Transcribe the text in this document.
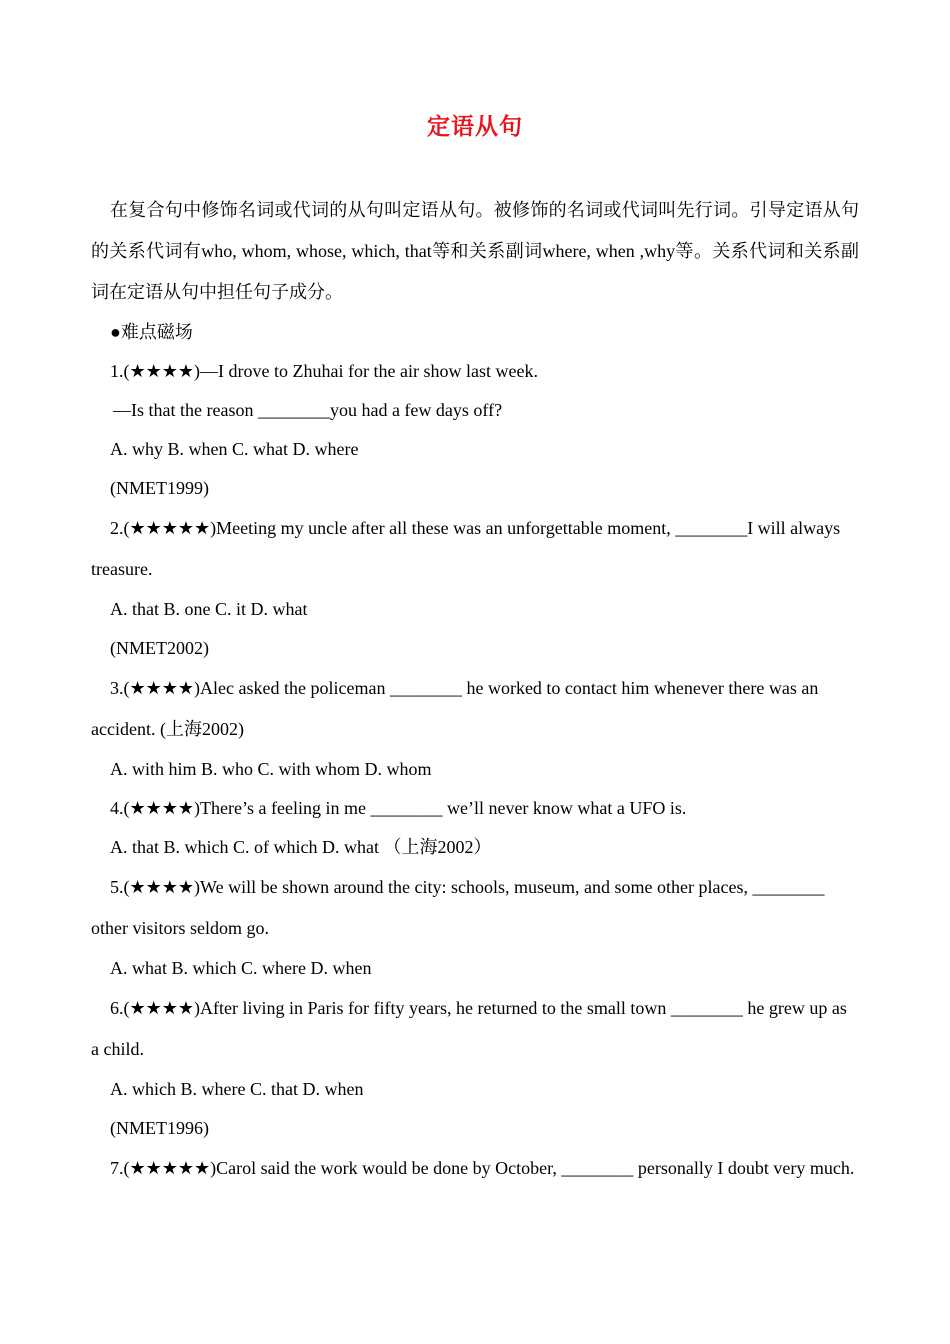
定语从句

在复合句中修饰名词或代词的从句叫定语从句。被修饰的名词或代词叫先行词。引导定语从句的关系代词有who, whom, whose, which, that等和关系副词where, when ,why等。关系代词和关系副词在定语从句中担任句子成分。

●难点磁场

1.(★★★★)—I drove to Zhuhai for the air show last week.

—Is that the reason ________you had a few days off?

A. why B. when C. what D. where

(NMET1999)

2.(★★★★★)Meeting my uncle after all these was an unforgettable moment, ________I will always treasure.

A. that B. one C. it D. what

(NMET2002)

3.(★★★★)Alec asked the policeman ________ he worked to contact him whenever there was an accident. (上海2002)

A. with him B. who C. with whom D. whom

4.(★★★★)There’s a feeling in me ________ we’ll never know what a UFO is.

A. that B. which C. of which D. what （上海2002）

5.(★★★★)We will be shown around the city: schools, museum, and some other places, ________ other visitors seldom go.

A. what B. which C. where D. when

6.(★★★★)After living in Paris for fifty years, he returned to the small town ________ he grew up as a child.

A. which B. where C. that D. when

(NMET1996)

7.(★★★★★)Carol said the work would be done by October, ________ personally I doubt very much.
